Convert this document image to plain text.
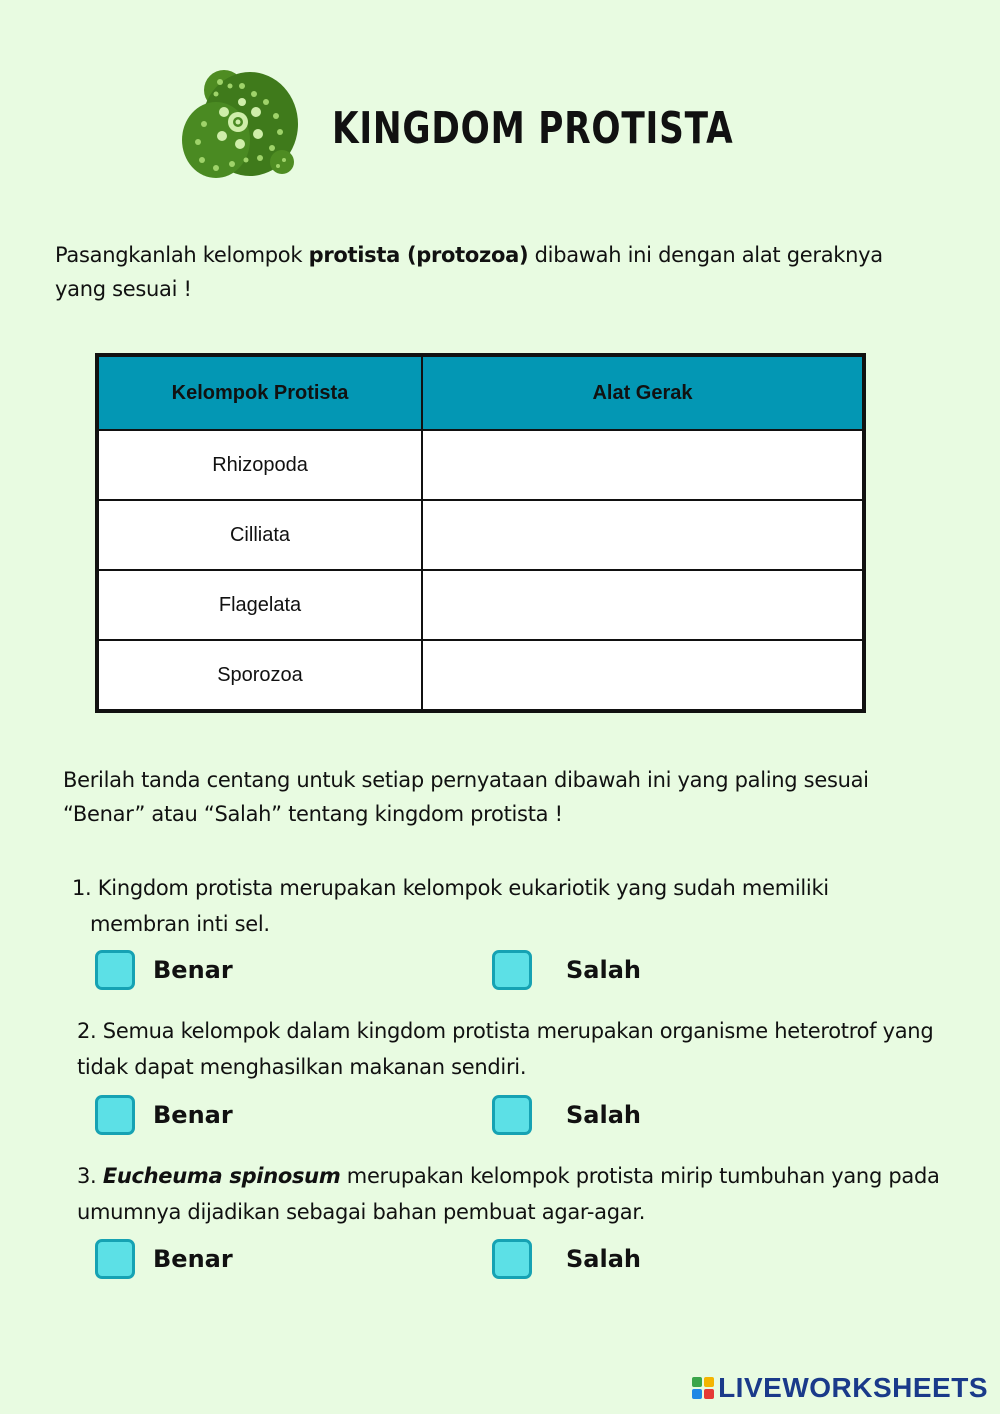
KINGDOM PROTISTA
Pasangkanlah kelompok protista (protozoa) dibawah ini dengan alat geraknya yang sesuai !
Kelompok Protista	Alat Gerak
Rhizopoda	
Cilliata	
Flagelata	
Sporozoa	
Berilah tanda centang untuk setiap pernyataan dibawah ini yang paling sesuai “Benar” atau “Salah” tentang kingdom protista !
1. Kingdom protista merupakan kelompok eukariotik yang sudah memiliki
membran inti sel.
Benar	Salah
2. Semua kelompok dalam kingdom protista merupakan organisme heterotrof yang tidak dapat menghasilkan makanan sendiri.
Benar	Salah
3. Eucheuma spinosum merupakan kelompok protista mirip tumbuhan yang pada umumnya dijadikan sebagai bahan pembuat agar-agar.
Benar	Salah
LIVEWORKSHEETS
